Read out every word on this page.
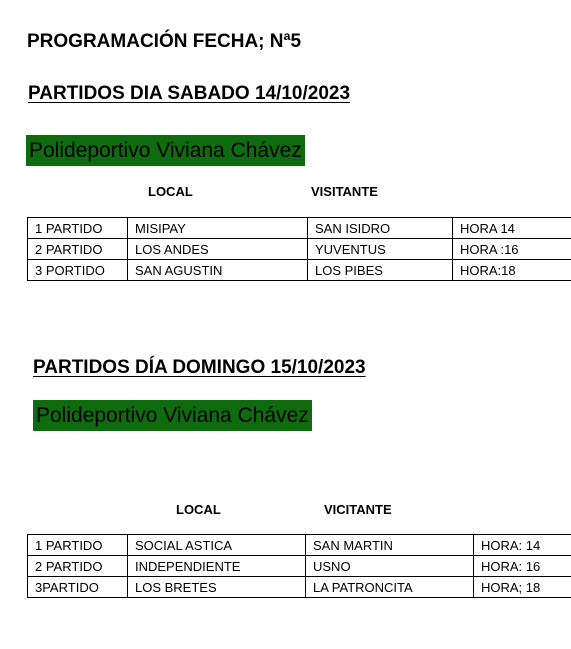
PROGRAMACIÓN FECHA; Nª5
PARTIDOS DIA SABADO 14/10/2023
Polideportivo Viviana Chávez
LOCAL	VISITANTE
1 PARTIDO	MISIPAY	SAN ISIDRO	HORA 14
2 PARTIDO	LOS ANDES	YUVENTUS	HORA :16
3 PORTIDO	SAN AGUSTIN	LOS PIBES	HORA:18
PARTIDOS DÍA DOMINGO 15/10/2023
Polideportivo Viviana Chávez
LOCAL	VICITANTE
1 PARTIDO	SOCIAL ASTICA	SAN MARTIN	HORA: 14
2 PARTIDO	INDEPENDIENTE	USNO	HORA: 16
3PARTIDO	LOS BRETES	LA PATRONCITA	HORA; 18
